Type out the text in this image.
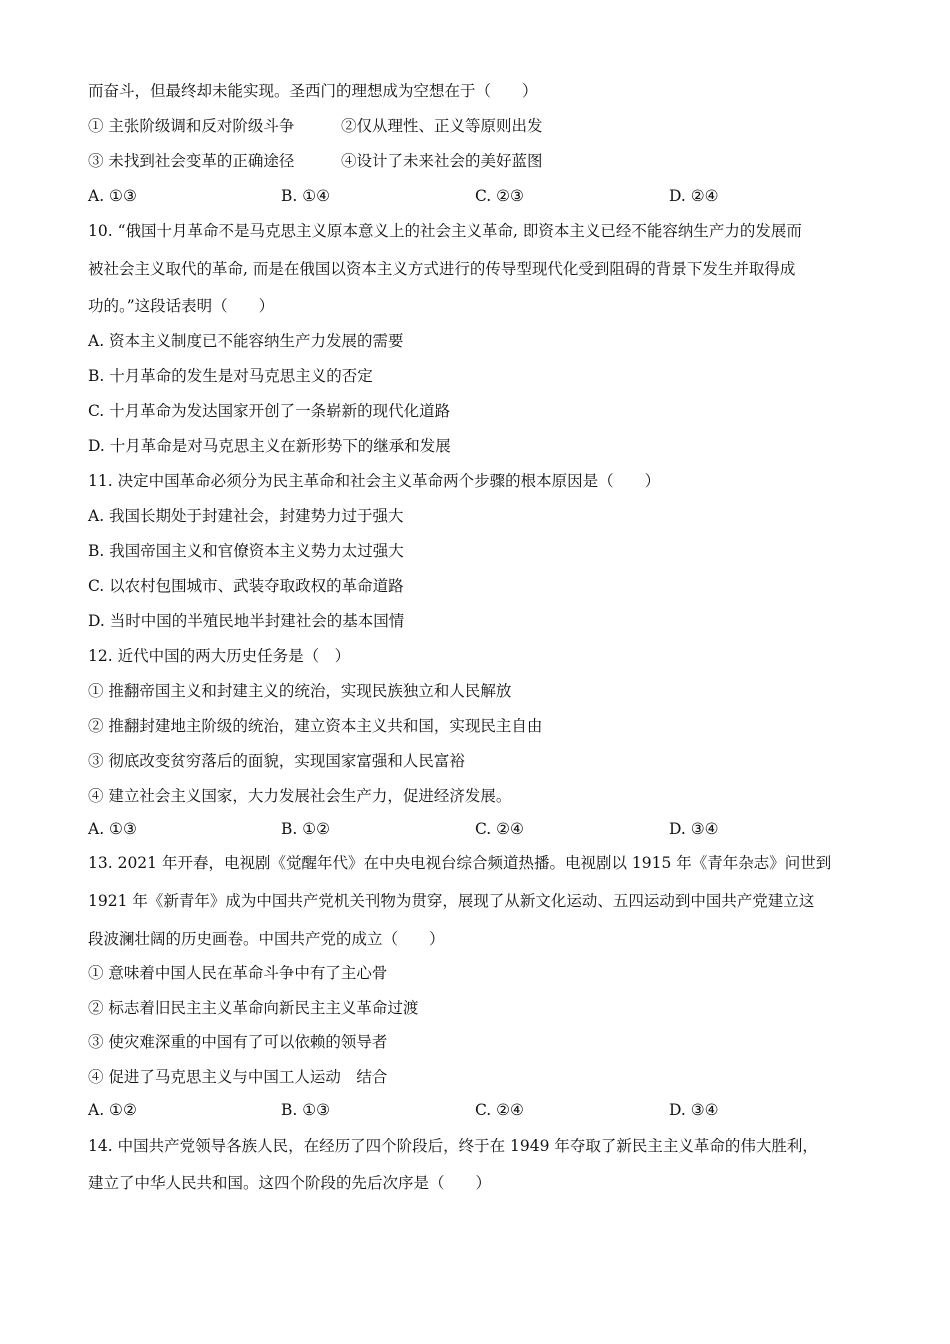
而奋斗，但最终却未能实现。圣西门的理想成为空想在于（　　）
① 主张阶级调和反对阶级斗争	②仅从理性、正义等原则出发
③ 未找到社会变革的正确途径	④设计了未来社会的美好蓝图
A. ①③	B. ①④	C. ②③	D. ②④
10. “俄国十月革命不是马克思主义原本意义上的社会主义革命, 即资本主义已经不能容纳生产力的发展而
被社会主义取代的革命, 而是在俄国以资本主义方式进行的传导型现代化受到阻碍的背景下发生并取得成
功的。”这段话表明（　　）
A. 资本主义制度已不能容纳生产力发展的需要
B. 十月革命的发生是对马克思主义的否定
C. 十月革命为发达国家开创了一条崭新的现代化道路
D. 十月革命是对马克思主义在新形势下的继承和发展
11. 决定中国革命必须分为民主革命和社会主义革命两个步骤的根本原因是（　　）
A. 我国长期处于封建社会，封建势力过于强大
B. 我国帝国主义和官僚资本主义势力太过强大
C. 以农村包围城市、武装夺取政权的革命道路
D. 当时中国的半殖民地半封建社会的基本国情
12. 近代中国的两大历史任务是（　）
① 推翻帝国主义和封建主义的统治，实现民族独立和人民解放
② 推翻封建地主阶级的统治，建立资本主义共和国，实现民主自由
③ 彻底改变贫穷落后的面貌，实现国家富强和人民富裕
④ 建立社会主义国家，大力发展社会生产力，促进经济发展。
A. ①③	B. ①②	C. ②④	D. ③④
13. 2021 年开春，电视剧《觉醒年代》在中央电视台综合频道热播。电视剧以 1915 年《青年杂志》问世到
1921 年《新青年》成为中国共产党机关刊物为贯穿，展现了从新文化运动、五四运动到中国共产党建立这
段波澜壮阔的历史画卷。中国共产党的成立（　　）
① 意味着中国人民在革命斗争中有了主心骨
② 标志着旧民主主义革命向新民主主义革命过渡
③ 使灾难深重的中国有了可以依赖的领导者
④ 促进了马克思主义与中国工人运动　结合
A. ①②	B. ①③	C. ②④	D. ③④
14. 中国共产党领导各族人民，在经历了四个阶段后，终于在 1949 年夺取了新民主主义革命的伟大胜利，
建立了中华人民共和国。这四个阶段的先后次序是（　　）
